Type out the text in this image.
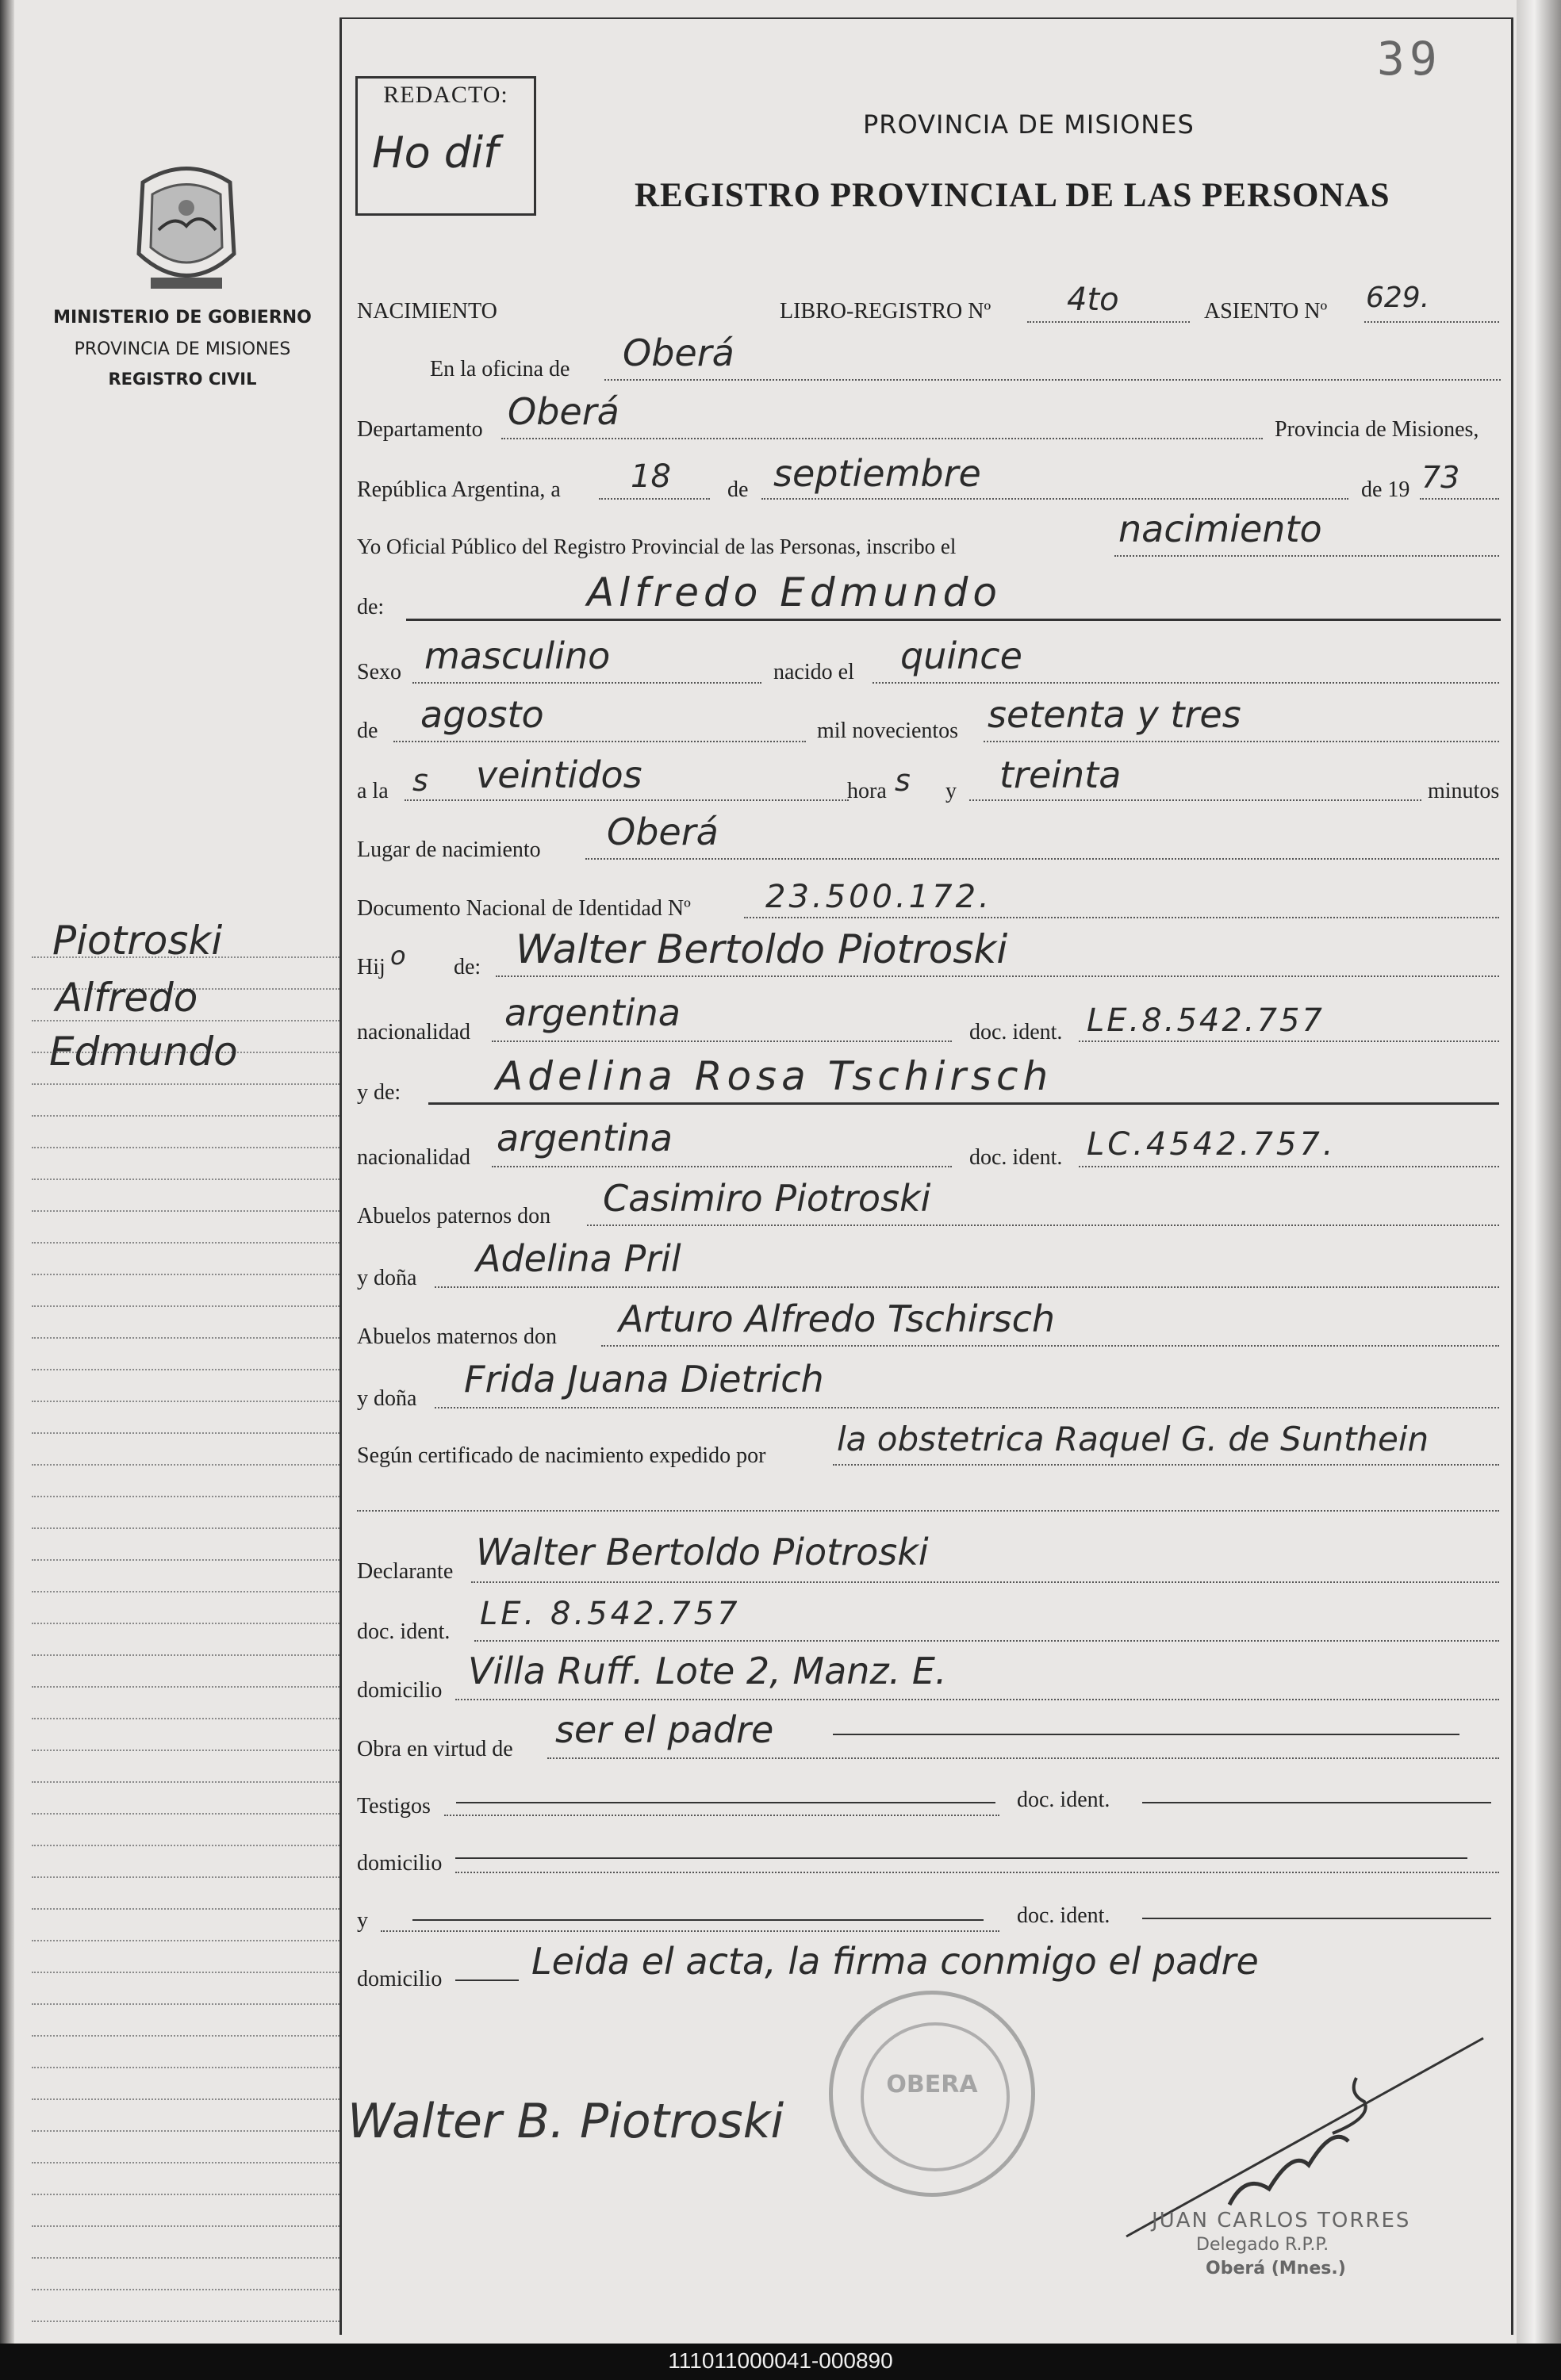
39
MINISTERIO DE GOBIERNO
PROVINCIA DE MISIONES
REGISTRO CIVIL
Piotroski
Alfredo
Edmundo
REDACTO:
Ho dif
PROVINCIA DE MISIONES
REGISTRO PROVINCIAL DE LAS PERSONAS
NACIMIENTO	LIBRO-REGISTRO Nº 4to	ASIENTO Nº 629.
En la oficina de Oberá
Departamento Oberá	Provincia de Misiones,
República Argentina, a 18	de septiembre	de 19 73
Yo Oficial Público del Registro Provincial de las Personas, inscribo el	nacimiento
de:	Alfredo Edmundo
Sexo masculino	nacido el quince
de agosto	mil novecientos setenta y tres
a la s veintidos	hora s y treinta	minutos
Lugar de nacimiento Oberá
Documento Nacional de Identidad Nº 23.500.172.
Hij o de: Walter Bertoldo Piotroski
nacionalidad argentina	doc. ident. LE.8.542.757
y de: Adelina Rosa Tschirsch
nacionalidad argentina	doc. ident. LC.4542.757.
Abuelos paternos don Casimiro Piotroski
y doña Adelina Pril
Abuelos maternos don Arturo Alfredo Tschirsch
y doña Frida Juana Dietrich
Según certificado de nacimiento expedido por la obstetrica Raquel G. de Sunthein
Declarante Walter Bertoldo Piotroski
doc. ident. LE. 8.542.757
domicilio Villa Ruff. Lote 2, Manz. E.
Obra en virtud de ser el padre
Testigos	doc. ident.
domicilio
y	doc. ident.
domicilio Leida el acta, la firma conmigo el padre
OBERA
Walter B. Piotroski
JUAN CARLOS TORRES
Delegado R.P.P.
Oberá (Mnes.)
111011000041-000890
